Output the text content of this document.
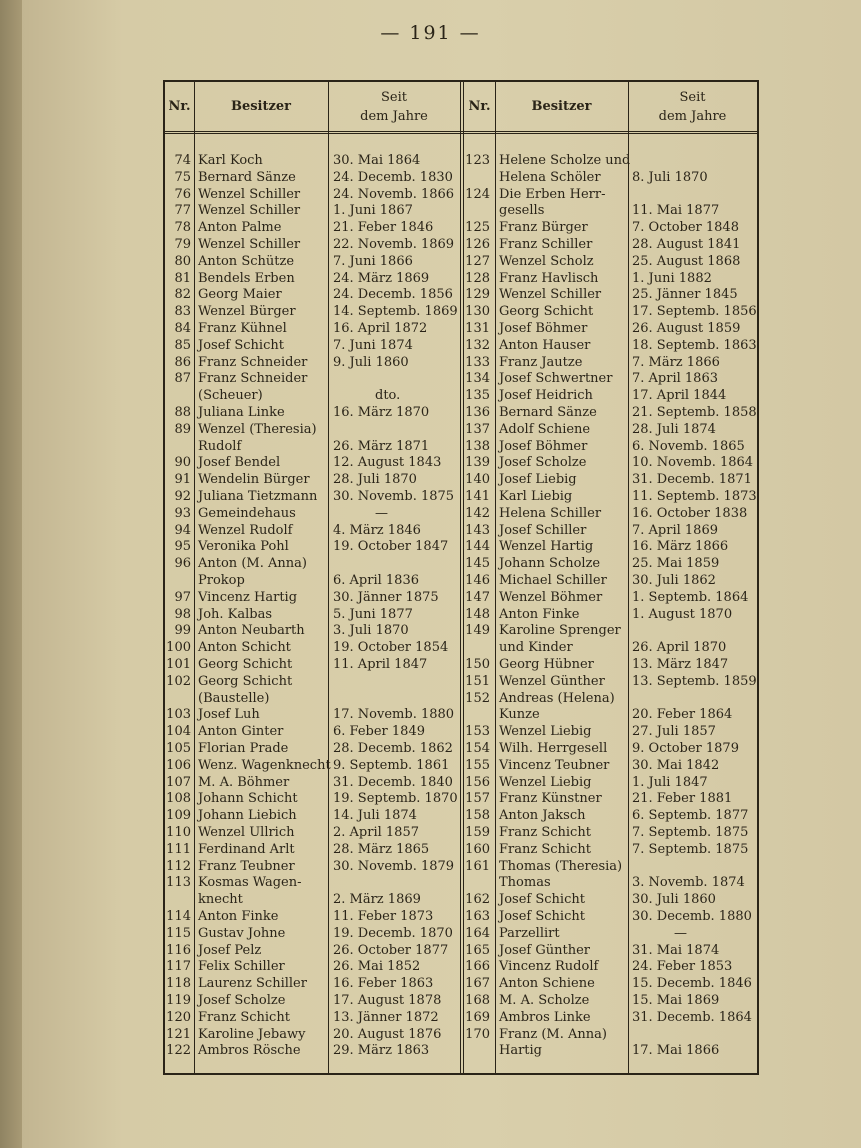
— 191 —
Nr.	Besitzer
Seit
dem Jahre
Nr.	Besitzer
Seit
dem Jahre
74 Karl Koch	30. Mai 1864
75 Bernard Sänze	24. Decemb. 1830
76 Wenzel Schiller	24. Novemb. 1866
77 Wenzel Schiller	1. Juni 1867
78 Anton Palme	21. Feber 1846
79 Wenzel Schiller	22. Novemb. 1869
80 Anton Schütze	7. Juni 1866
81 Bendels Erben	24. März 1869
82 Georg Maier	24. Decemb. 1856
83 Wenzel Bürger	14. Septemb. 1869
84 Franz Kühnel	16. April 1872
85 Josef Schicht	7. Juni 1874
86 Franz Schneider 9. Juli 1860
87 Franz Schneider
(Scheuer)	dto.
88 Juliana Linke	16. März 1870
89 Wenzel (Theresia)
Rudolf	26. März 1871
90 Josef Bendel	12. August 1843
91 Wendelin Bürger 28. Juli 1870
92 Juliana Tietzmann 30. Novemb. 1875
93 Gemeindehaus	—
94 Wenzel Rudolf	4. März 1846
95 Veronika Pohl	19. October 1847
96 Anton (M. Anna)
Prokop	6. April 1836
97 Vincenz Hartig	30. Jänner 1875
98 Joh. Kalbas	5. Juni 1877
99 Anton Neubarth 3. Juli 1870
100 Anton Schicht	19. October 1854
101 Georg Schicht	11. April 1847
102 Georg Schicht
(Baustelle)
103 Josef Luh	17. Novemb. 1880
104 Anton Ginter	6. Feber 1849
105 Florian Prade	28. Decemb. 1862
106 Wenz. Wagenknecht 9. Septemb. 1861
107 M. A. Böhmer	31. Decemb. 1840
108 Johann Schicht	19. Septemb. 1870
109 Johann Liebich	14. Juli 1874
110 Wenzel Ullrich	2. April 1857
111 Ferdinand Arlt	28. März 1865
112 Franz Teubner	30. Novemb. 1879
113 Kosmas Wagen-
knecht	2. März 1869
114 Anton Finke	11. Feber 1873
115 Gustav Johne	19. Decemb. 1870
116 Josef Pelz	26. October 1877
117 Felix Schiller	26. Mai 1852
118 Laurenz Schiller 16. Feber 1863
119 Josef Scholze	17. August 1878
120 Franz Schicht	13. Jänner 1872
121 Karoline Jebawy 20. August 1876
122 Ambros Rösche 29. März 1863
123 Helene Scholze und
Helena Schöler 8. Juli 1870
124 Die Erben Herr-
gesells	11. Mai 1877
125 Franz Bürger	7. October 1848
126 Franz Schiller	28. August 1841
127 Wenzel Scholz	25. August 1868
128 Franz Havlisch	1. Juni 1882
129 Wenzel Schiller 25. Jänner 1845
130 Georg Schicht	17. Septemb. 1856
131 Josef Böhmer	26. August 1859
132 Anton Hauser	18. Septemb. 1863
133 Franz Jautze	7. März 1866
134 Josef Schwertner 7. April 1863
135 Josef Heidrich	17. April 1844
136 Bernard Sänze	21. Septemb. 1858
137 Adolf Schiene	28. Juli 1874
138 Josef Böhmer	6. Novemb. 1865
139 Josef Scholze	10. Novemb. 1864
140 Josef Liebig	31. Decemb. 1871
141 Karl Liebig	11. Septemb. 1873
142 Helena Schiller 16. October 1838
143 Josef Schiller	7. April 1869
144 Wenzel Hartig	16. März 1866
145 Johann Scholze 25. Mai 1859
146 Michael Schiller 30. Juli 1862
147 Wenzel Böhmer 1. Septemb. 1864
148 Anton Finke	1. August 1870
149 Karoline Sprenger
und Kinder	26. April 1870
150 Georg Hübner	13. März 1847
151 Wenzel Günther 13. Septemb. 1859
152 Andreas (Helena)
Kunze	20. Feber 1864
153 Wenzel Liebig	27. Juli 1857
154 Wilh. Herrgesell 9. October 1879
155 Vincenz Teubner 30. Mai 1842
156 Wenzel Liebig	1. Juli 1847
157 Franz Künstner 21. Feber 1881
158 Anton Jaksch	6. Septemb. 1877
159 Franz Schicht	7. Septemb. 1875
160 Franz Schicht	7. Septemb. 1875
161 Thomas (Theresia)
Thomas	3. Novemb. 1874
162 Josef Schicht	30. Juli 1860
163 Josef Schicht	30. Decemb. 1880
164 Parzellirt	—
165 Josef Günther	31. Mai 1874
166 Vincenz Rudolf	24. Feber 1853
167 Anton Schiene	15. Decemb. 1846
168 M. A. Scholze	15. Mai 1869
169 Ambros Linke	31. Decemb. 1864
170 Franz (M. Anna)
Hartig	17. Mai 1866
